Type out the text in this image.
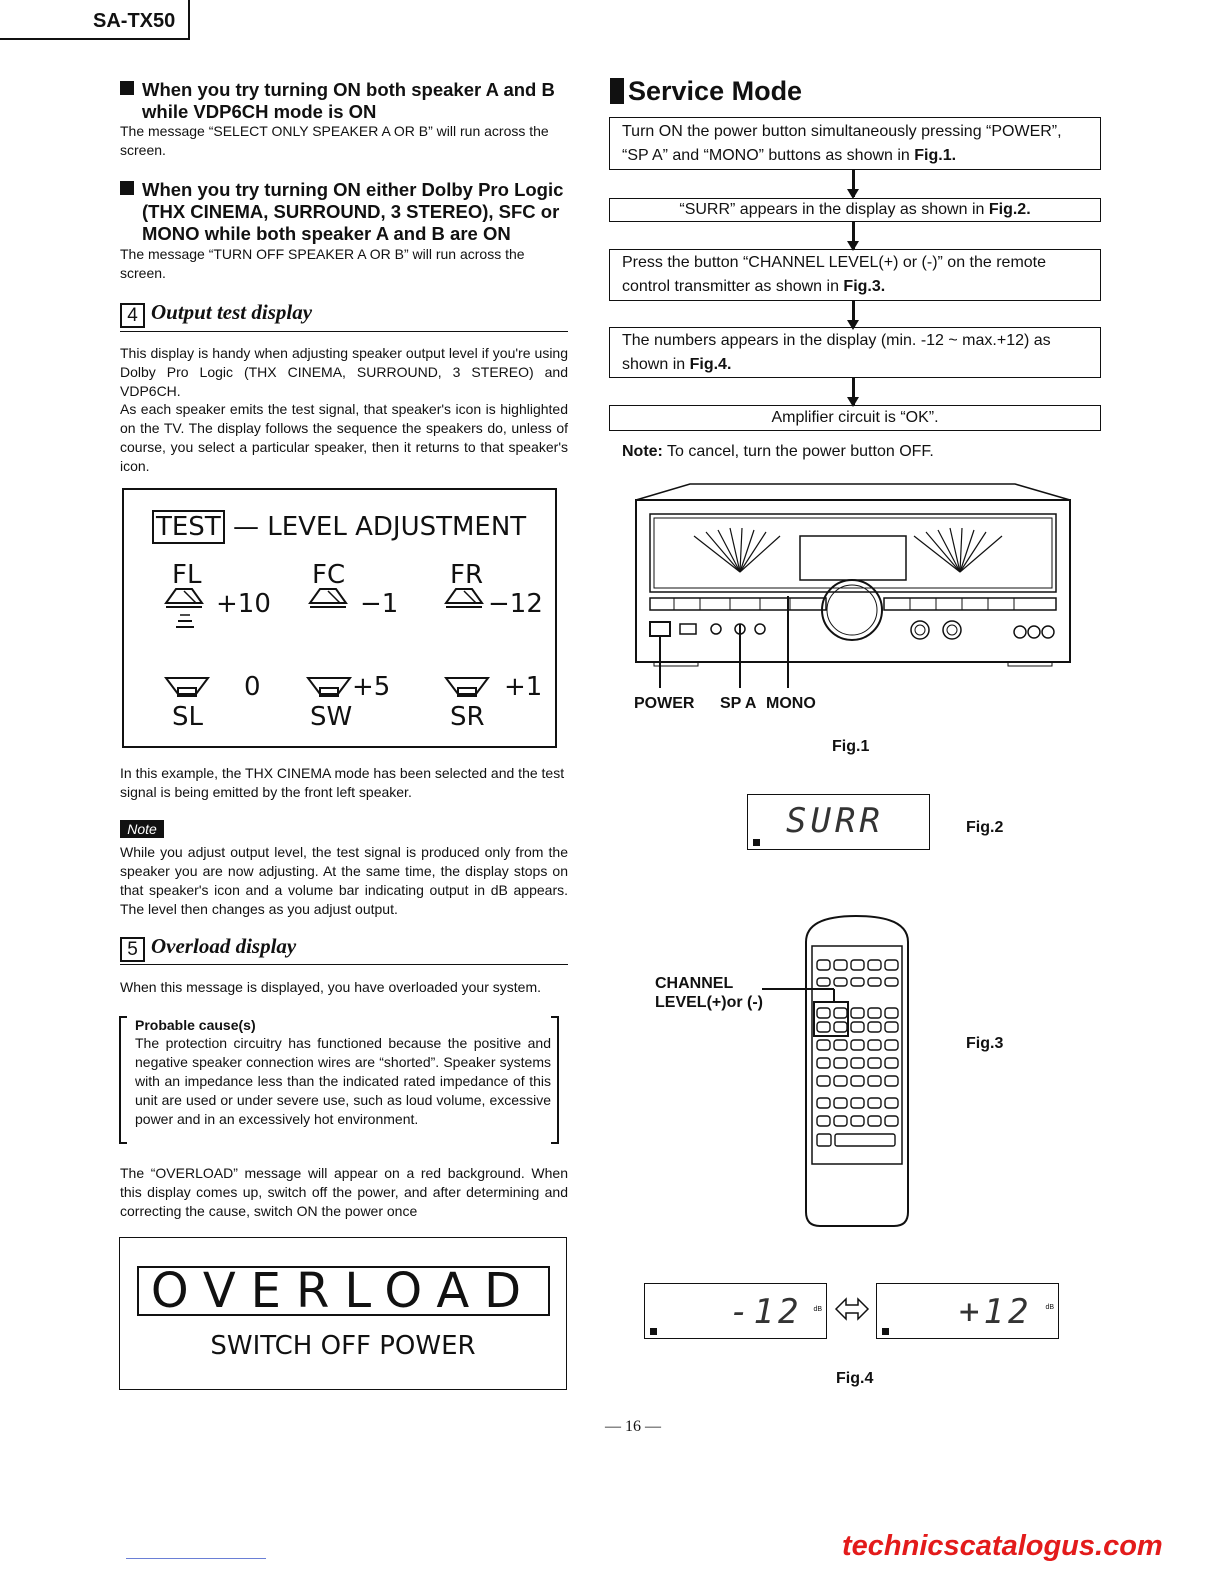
SA-TX50
When you try turning ON both speaker A and B while VDP6CH mode is ON
The message “SELECT ONLY SPEAKER A OR B” will run across the screen.
When you try turning ON either Dolby Pro Logic (THX CINEMA, SURROUND, 3 STEREO), SFC or MONO while both speaker A and B are ON
The message “TURN OFF SPEAKER A OR B” will run across the screen.
4 Output test display
This display is handy when adjusting speaker output level if you're using Dolby Pro Logic (THX CINEMA, SURROUND, 3 STEREO) and VDP6CH.
As each speaker emits the test signal, that speaker's icon is highlighted on the TV. The display follows the sequence the speakers do, unless of course, you select a particular speaker, then it returns to that speaker's icon.
TEST — LEVEL ADJUSTMENT
FL	FC	FR
+10	−1	−12
0	+5	+1
SL	SW	SR
In this example, the THX CINEMA mode has been selected and the test signal is being emitted by the front left speaker.
Note
While you adjust output level, the test signal is produced only from the speaker you are now adjusting. At the same time, the display stops on that speaker's icon and a volume bar indicating output in dB appears. The level then changes as you adjust output.
5 Overload display
When this message is displayed, you have overloaded your system.
Probable cause(s)
The protection circuitry has functioned because the positive and negative speaker connection wires are “shorted”. Speaker systems with an impedance less than the indicated rated impedance of this unit are used or under severe use, such as loud volume, excessive power and in an excessively hot environment.
The “OVERLOAD” message will appear on a red background. When this display comes up, switch off the power, and after determining and correcting the cause, switch ON the power once
OVERLOAD
SWITCH OFF POWER
Service Mode
Turn ON the power button simultaneously pressing “POWER”, “SP A” and “MONO” buttons as shown in Fig.1.
“SURR” appears in the display as shown in Fig.2.
Press the button “CHANNEL LEVEL(+) or (-)” on the remote control transmitter as shown in Fig.3.
The numbers appears in the display (min. -12 ~ max.+12) as shown in Fig.4.
Amplifier circuit is “OK”.
Note: To cancel, turn the power button OFF.
POWER SP A MONO
Fig.1
SURR	Fig.2
CHANNEL
LEVEL(+)or (-)
Fig.3
-12 dB	+12 dB
Fig.4
— 16 —
technicscatalogus.com
